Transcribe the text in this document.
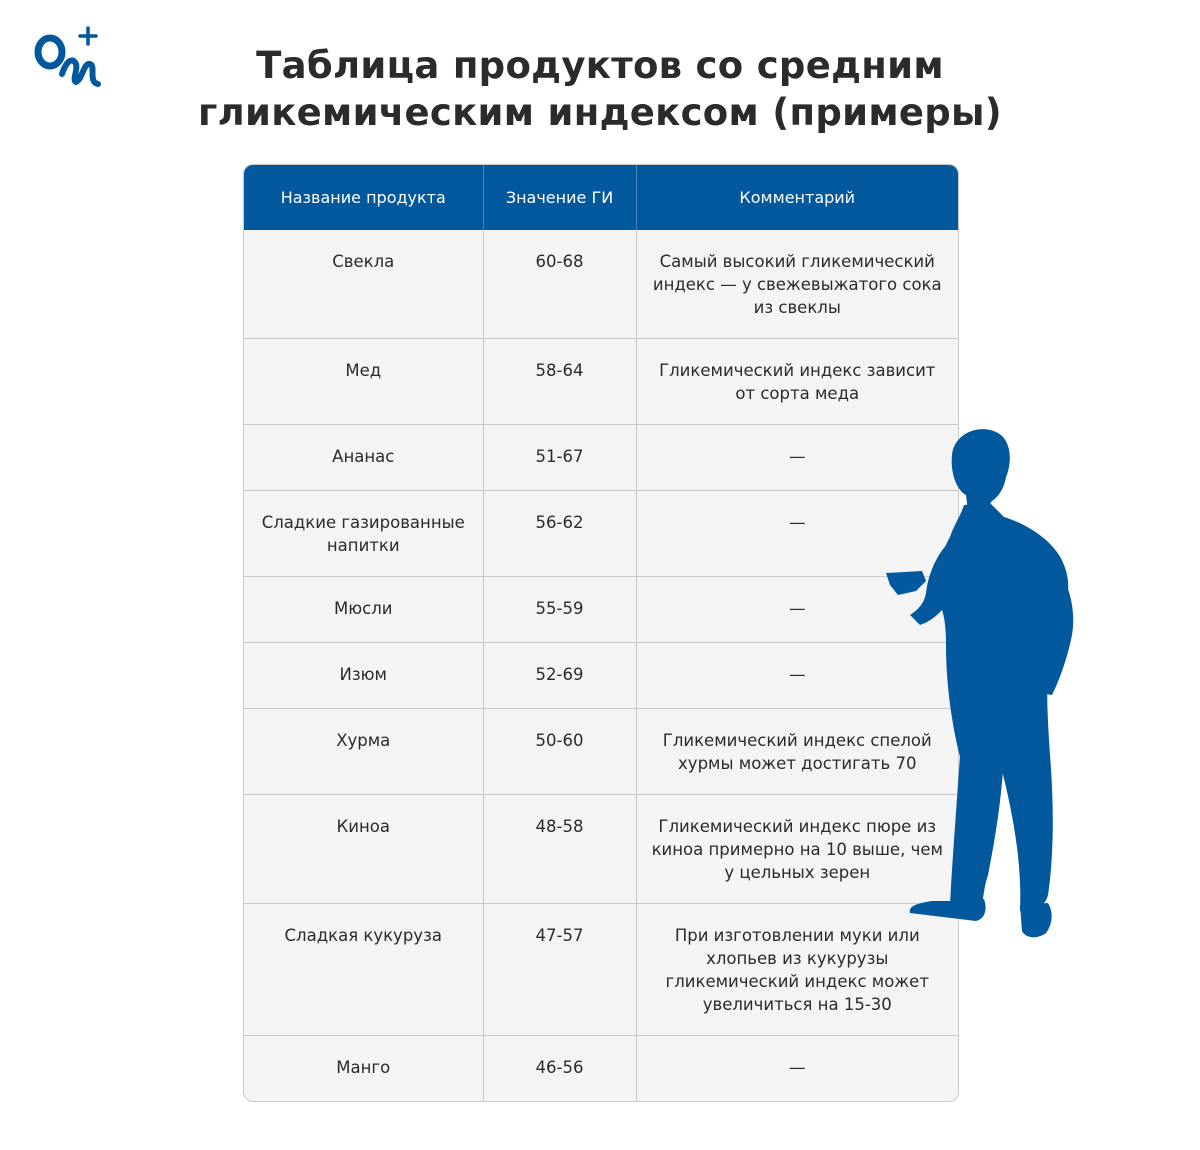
Таблица продуктов со средним
гликемическим индексом (примеры)
Название продукта	Значение ГИ	Комментарий
Свекла	60-68	Самый высокий гликемический индекс — у свежевыжатого сока из свеклы
Мед	58-64	Гликемический индекс зависит от сорта меда
Ананас	51-67	—
Сладкие газированные напитки	56-62	—
Мюсли	55-59	—
Изюм	52-69	—
Хурма	50-60	Гликемический индекс спелой хурмы может достигать 70
Киноа	48-58	Гликемический индекс пюре из киноа примерно на 10 выше, чем у цельных зерен
Сладкая кукуруза	47-57	При изготовлении муки или хлопьев из кукурузы гликемический индекс может увеличиться на 15-30
Манго	46-56	—
